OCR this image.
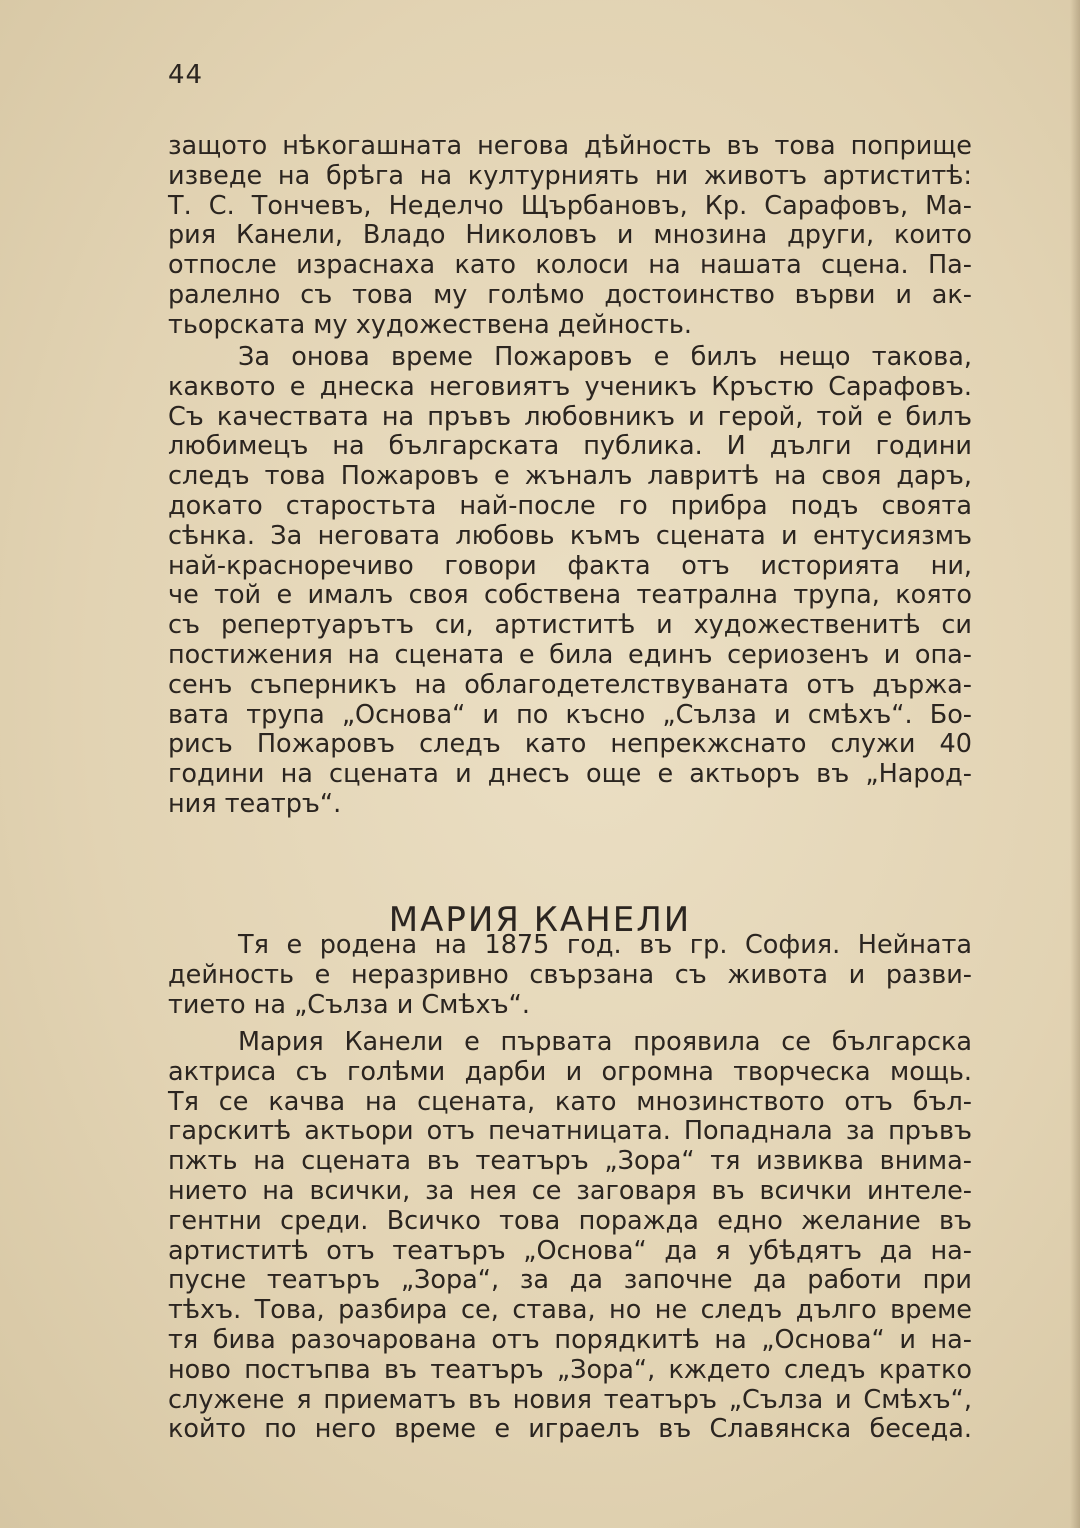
44
защото нѣкогашната негова дѣйность въ това поприще
изведе на брѣга на културниять ни животъ артиститѣ:
Т. С. Тончевъ, Неделчо Щърбановъ, Кр. Сарафовъ, Ма-
рия Канели, Владо Николовъ и мнозина други, които
отпосле израснаха като колоси на нашата сцена. Па-
ралелно съ това му голѣмо достоинство върви и ак-
тьорската му художествена дейность.
За онова време Пожаровъ е билъ нещо такова,
каквото е днеска неговиятъ ученикъ Кръстю Сарафовъ.
Съ качествата на пръвъ любовникъ и герой, той е билъ
любимецъ на българската публика. И дълги години
следъ това Пожаровъ е жъналъ лавритѣ на своя даръ,
докато старостьта най-после го прибра подъ своята
сѣнка. За неговата любовь къмъ сцената и ентусиязмъ
най-красноречиво говори факта отъ историята ни,
че той е ималъ своя собствена театрална трупа, която
съ репертуарътъ си, артиститѣ и художественитѣ си
постижения на сцената е била единъ сериозенъ и опа-
сенъ съперникъ на облагодетелствуваната отъ държа-
вата трупа „Основа“ и по късно „Сълза и смѣхъ“. Бо-
рисъ Пожаровъ следъ като непрекжснато служи 40
години на сцената и днесъ още е актьоръ въ „Народ-
ния театръ“.
МАРИЯ КАНЕЛИ
Тя е родена на 1875 год. въ гр. София. Нейната
дейность е неразривно свързана съ живота и разви-
тието на „Сълза и Смѣхъ“.
Мария Канели е първата проявила се българска
актриса съ голѣми дарби и огромна творческа мощь.
Тя се качва на сцената, като мнозинството отъ бъл-
гарскитѣ актьори отъ печатницата. Попаднала за пръвъ
пжть на сцената въ театъръ „Зора“ тя извиква внима-
нието на всички, за нея се заговаря въ всички интеле-
гентни среди. Всичко това поражда едно желание въ
артиститѣ отъ театъръ „Основа“ да я убѣдятъ да на-
пусне театъръ „Зора“, за да започне да работи при
тѣхъ. Това, разбира се, става, но не следъ дълго време
тя бива разочарована отъ порядкитѣ на „Основа“ и на-
ново постъпва въ театъръ „Зора“, кждето следъ кратко
служене я приематъ въ новия театъръ „Сълза и Смѣхъ“,
който по него време е играелъ въ Славянска беседа.
